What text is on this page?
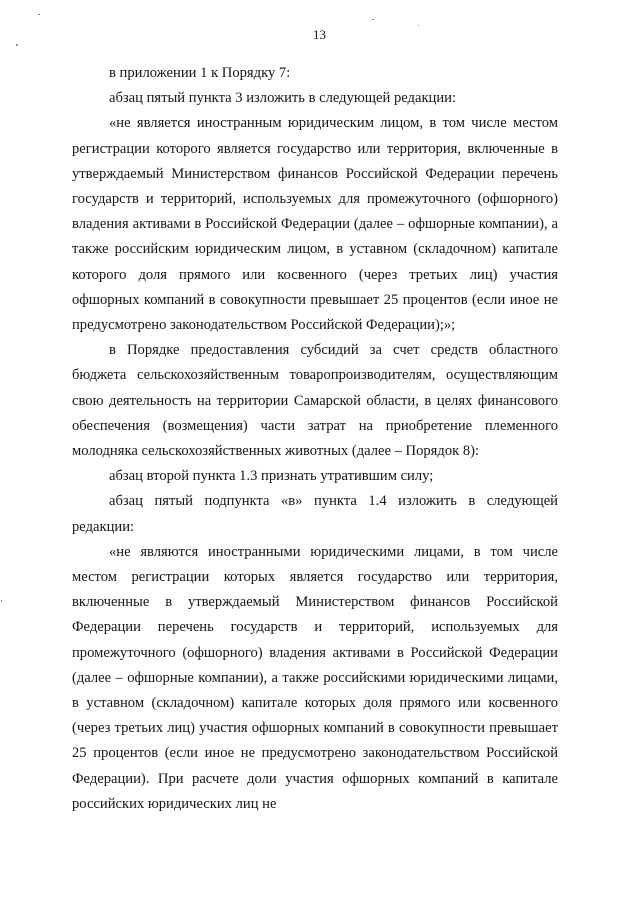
13

в приложении 1 к Порядку 7:

абзац пятый пункта 3 изложить в следующей редакции:

«не является иностранным юридическим лицом, в том числе местом регистрации которого является государство или территория, включенные в утверждаемый Министерством финансов Российской Федерации перечень государств и территорий, используемых для промежуточного (офшорного) владения активами в Российской Федерации (далее – офшорные компании), а также российским юридическим лицом, в уставном (складочном) капитале которого доля прямого или косвенного (через третьих лиц) участия офшорных компаний в совокупности превышает 25 процентов (если иное не предусмотрено законодательством Российской Федерации);»;

в Порядке предоставления субсидий за счет средств областного бюджета сельскохозяйственным товаропроизводителям, осуществляющим свою деятельность на территории Самарской области, в целях финансового обеспечения (возмещения) части затрат на приобретение племенного молодняка сельскохозяйственных животных (далее – Порядок 8):

абзац второй пункта 1.3 признать утратившим силу;

абзац пятый подпункта «в» пункта 1.4 изложить в следующей редакции:

«не являются иностранными юридическими лицами, в том числе местом регистрации которых является государство или территория, включенные в утверждаемый Министерством финансов Российской Федерации перечень государств и территорий, используемых для промежуточного (офшорного) владения активами в Российской Федерации (далее – офшорные компании), а также российскими юридическими лицами, в уставном (складочном) капитале которых доля прямого или косвенного (через третьих лиц) участия офшорных компаний в совокупности превышает 25 процентов (если иное не предусмотрено законодательством Российской Федерации). При расчете доли участия офшорных компаний в капитале российских юридических лиц не
